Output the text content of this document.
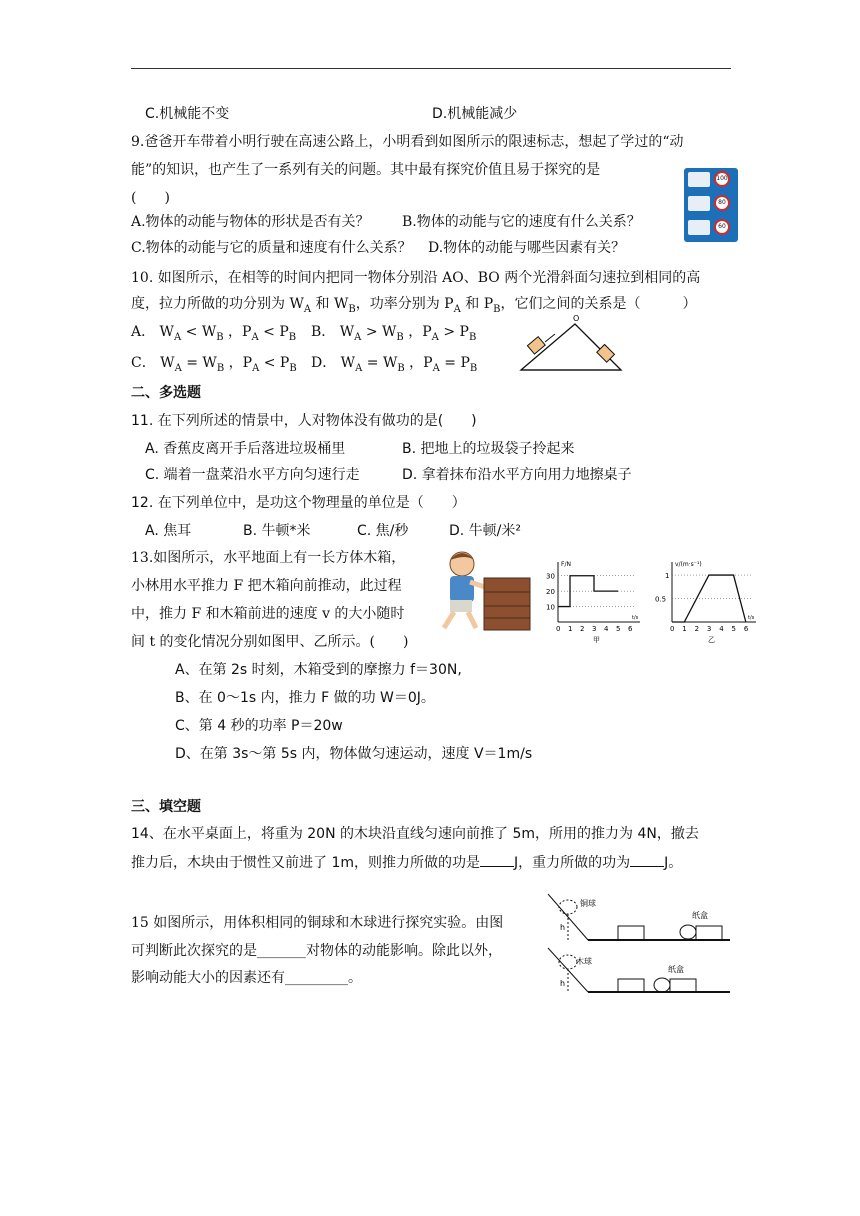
C.机械能不变	D.机械能减少
9.爸爸开车带着小明行驶在高速公路上，小明看到如图所示的限速标志，想起了学过的“动
能”的知识，也产生了一系列有关的问题。其中最有探究价值且易于探究的是
(　　)
A.物体的动能与物体的形状是否有关？ B.物体的动能与它的速度有什么关系？
C.物体的动能与它的质量和速度有什么关系？ D.物体的动能与哪些因素有关？
100
80
60
10. 如图所示，在相等的时间内把同一物体分别沿 AO、BO 两个光滑斜面匀速拉到相同的高
度，拉力所做的功分别为 $W_A$ 和 $W_B$，功率分别为 $P_A$ 和 $P_B$，它们之间的关系是（　　　）
A． $W_A < W_B$ ，$P_A < P_B$ B． $W_A > W_B$ ，$P_A > P_B$
C． $W_A = W_B$ ，$P_A < P_B$ D． $W_A = W_B$ ，$P_A = P_B$
O
二、多选题
11. 在下列所述的情景中，人对物体没有做功的是(　　)
A. 香蕉皮离开手后落进垃圾桶里	B. 把地上的垃圾袋子拎起来
C. 端着一盘菜沿水平方向匀速行走	D. 拿着抹布沿水平方向用力地擦桌子
12. 在下列单位中，是功这个物理量的单位是（　　）
A. 焦耳	B. 牛顿*米	C. 焦/秒	D. 牛顿/米²
13.如图所示，水平地面上有一长方体木箱，
小林用水平推力 F 把木箱向前推动，此过程
中，推力 F 和木箱前进的速度 v 的大小随时
间 t 的变化情况分别如图甲、乙所示。(　　)
A、在第 2s 时刻，木箱受到的摩擦力 f＝30N,
B、在 0～1s 内，推力 F 做的功 W＝0J。
C、第 4 秒的功率 P＝20w
D、在第 3s～第 5s 内，物体做匀速运动，速度 V＝1m/s
F/N
t/s
0 1 2 3 4 5 6
10
20
30
甲
v/(m·s⁻¹)
t/s
0 1 2 3 4 5 6
0.5
1
乙
三、填空题
14、在水平桌面上，将重为 20N 的木块沿直线匀速向前推了 5m，所用的推力为 4N，撤去
推力后，木块由于惯性又前进了 1m，则推力所做的功是 J，重力所做的功为 J。
15 如图所示，用体积相同的铜球和木球进行探究实验。由图
可判断此次探究的是_______对物体的动能影响。除此以外，
影响动能大小的因素还有_________。
铜球
h
纸盒
木球
h
纸盒
